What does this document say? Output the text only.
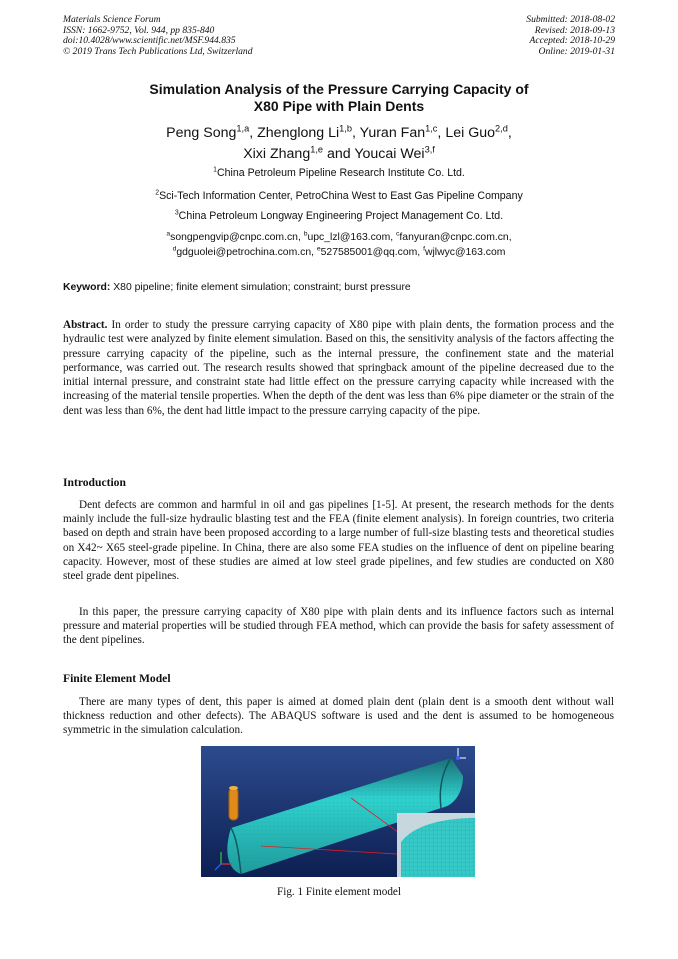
Materials Science Forum
ISSN: 1662-9752, Vol. 944, pp 835-840
doi:10.4028/www.scientific.net/MSF.944.835
© 2019 Trans Tech Publications Ltd, Switzerland
Submitted: 2018-08-02
Revised: 2018-09-13
Accepted: 2018-10-29
Online: 2019-01-31
Simulation Analysis of the Pressure Carrying Capacity of
X80 Pipe with Plain Dents
Peng Song$^{1,a}$, Zhenglong Li$^{1,b}$, Yuran Fan$^{1,c}$, Lei Guo$^{2,d}$,
Xixi Zhang$^{1,e}$ and Youcai Wei$^{3,f}$
$^1$China Petroleum Pipeline Research Institute Co. Ltd.
$^2$Sci-Tech Information Center, PetroChina West to East Gas Pipeline Company
$^3$China Petroleum Longway Engineering Project Management Co. Ltd.
$^a$songpengvip@cnpc.com.cn, $^b$upc_lzl@163.com, $^c$fanyuran@cnpc.com.cn,
$^d$gdguolei@petrochina.com.cn, $^e$527585001@qq.com, $^f$wjlwyc@163.com
Keyword: X80 pipeline; finite element simulation; constraint; burst pressure
Abstract. In order to study the pressure carrying capacity of X80 pipe with plain dents, the formation process and the hydraulic test were analyzed by finite element simulation. Based on this, the sensitivity analysis of the factors affecting the pressure carrying capacity of the pipeline, such as the internal pressure, the confinement state and the material performance, was carried out. The research results showed that springback amount of the pipeline decreased due to the initial internal pressure, and constraint state had little effect on the pressure carrying capacity while increased with the increasing of the material tensile properties. When the depth of the dent was less than 6% pipe diameter or the strain of the dent was less than 6%, the dent had little impact to the pressure carrying capacity of the pipe.
Introduction

Dent defects are common and harmful in oil and gas pipelines [1-5]. At present, the research methods for the dents mainly include the full-size hydraulic blasting test and the FEA (finite element analysis). In foreign countries, two criteria based on depth and strain have been proposed according to a large number of full-size blasting tests and theoretical studies on X42~ X65 steel-grade pipeline. In China, there are also some FEA studies on the influence of dent on pipeline bearing capacity. However, most of these studies are aimed at low steel grade pipelines, and few studies are conducted on X80 steel grade dent pipelines.

In this paper, the pressure carrying capacity of X80 pipe with plain dents and its influence factors such as internal pressure and material properties will be studied through FEA method, which can provide the basis for safety assessment of the dent pipelines.

Finite Element Model

There are many types of dent, this paper is aimed at domed plain dent (plain dent is a smooth dent without wall thickness reduction and other defects). The ABAQUS software is used and the dent is assumed to be homogeneous symmetric in the simulation calculation.

Fig. 1 Finite element model
